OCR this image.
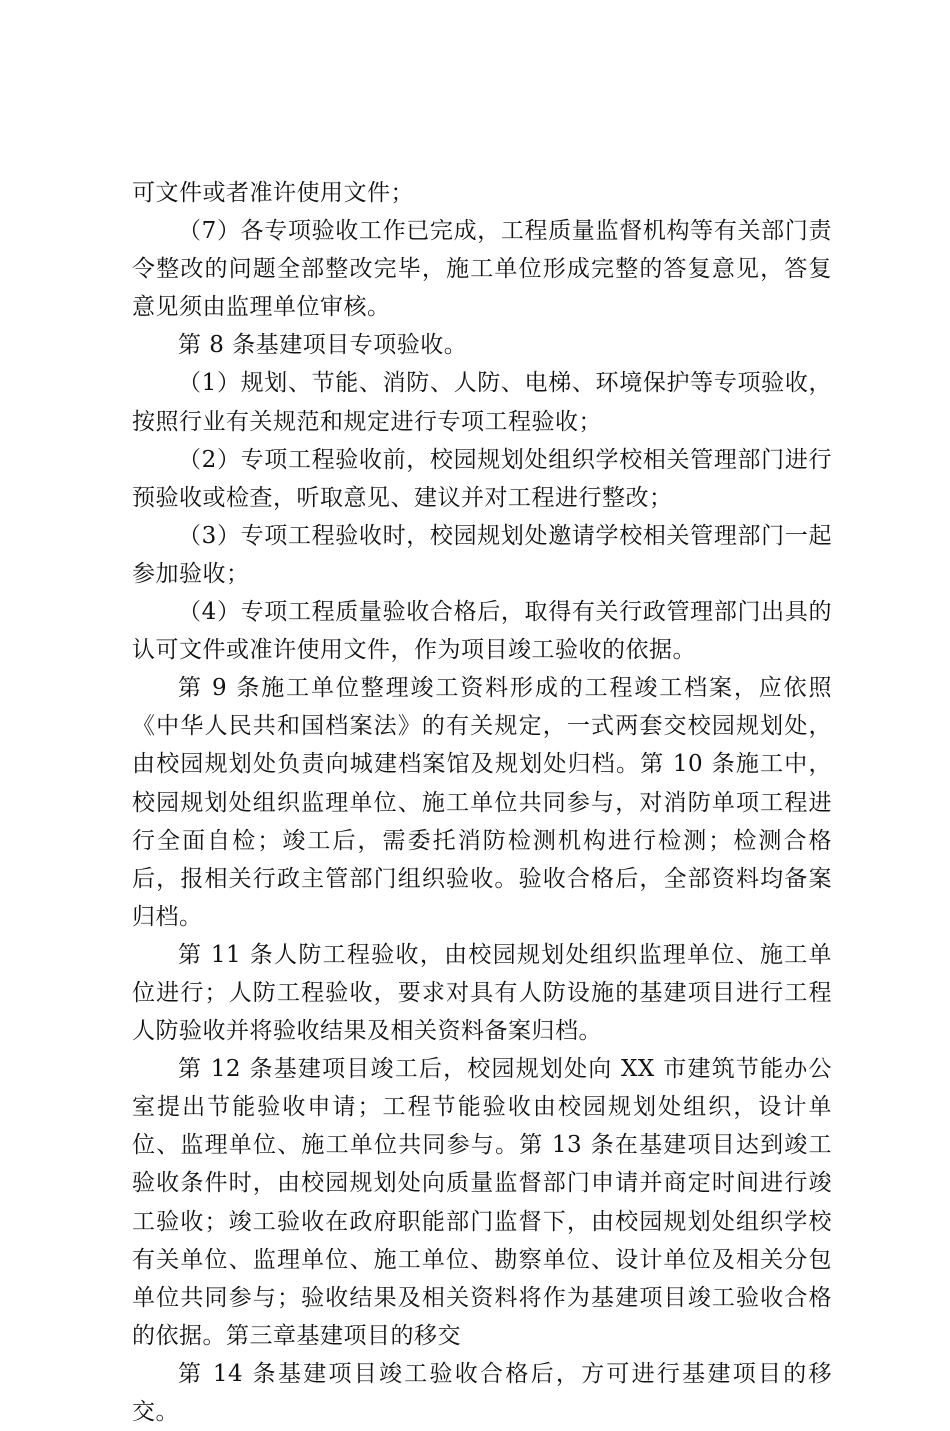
可文件或者准许使用文件；

（7）各专项验收工作已完成，工程质量监督机构等有关部门责令整改的问题全部整改完毕，施工单位形成完整的答复意见，答复意见须由监理单位审核。

第 8 条基建项目专项验收。

（1）规划、节能、消防、人防、电梯、环境保护等专项验收，按照行业有关规范和规定进行专项工程验收；

（2）专项工程验收前，校园规划处组织学校相关管理部门进行预验收或检查，听取意见、建议并对工程进行整改；

（3）专项工程验收时，校园规划处邀请学校相关管理部门一起参加验收；

（4）专项工程质量验收合格后，取得有关行政管理部门出具的认可文件或准许使用文件，作为项目竣工验收的依据。

第 9 条施工单位整理竣工资料形成的工程竣工档案，应依照《中华人民共和国档案法》的有关规定，一式两套交校园规划处，由校园规划处负责向城建档案馆及规划处归档。第 10 条施工中，校园规划处组织监理单位、施工单位共同参与，对消防单项工程进行全面自检；竣工后，需委托消防检测机构进行检测；检测合格后，报相关行政主管部门组织验收。验收合格后，全部资料均备案归档。

第 11 条人防工程验收，由校园规划处组织监理单位、施工单位进行；人防工程验收，要求对具有人防设施的基建项目进行工程人防验收并将验收结果及相关资料备案归档。

第 12 条基建项目竣工后，校园规划处向 XX 市建筑节能办公室提出节能验收申请；工程节能验收由校园规划处组织，设计单位、监理单位、施工单位共同参与。第 13 条在基建项目达到竣工验收条件时，由校园规划处向质量监督部门申请并商定时间进行竣工验收；竣工验收在政府职能部门监督下，由校园规划处组织学校有关单位、监理单位、施工单位、勘察单位、设计单位及相关分包单位共同参与；验收结果及相关资料将作为基建项目竣工验收合格的依据。第三章基建项目的移交

第 14 条基建项目竣工验收合格后，方可进行基建项目的移交。
